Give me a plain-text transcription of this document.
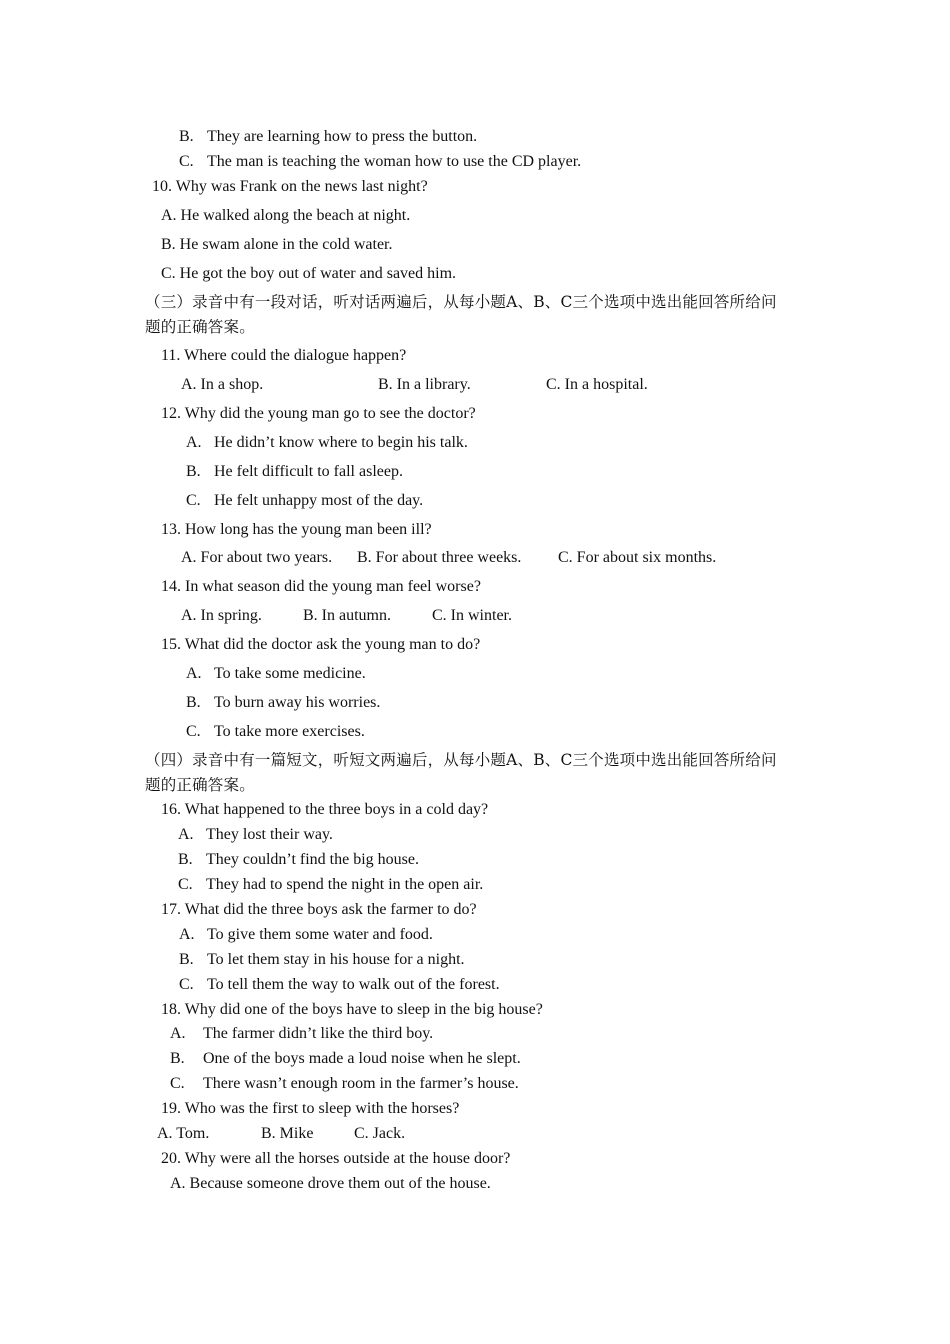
B. They are learning how to press the button.
C. The man is teaching the woman how to use the CD player.
10. Why was Frank on the news last night?
A. He walked along the beach at night.
B. He swam alone in the cold water.
C. He got the boy out of water and saved him.
（三）录音中有一段对话，听对话两遍后，从每小题A、B、C三个选项中选出能回答所给问
题的正确答案。
11. Where could the dialogue happen?
A. In a shop.	B. In a library.	C. In a hospital.
12. Why did the young man go to see the doctor?
A. He didn’t know where to begin his talk.
B. He felt difficult to fall asleep.
C. He felt unhappy most of the day.
13. How long has the young man been ill?
A. For about two years. B. For about three weeks. C. For about six months.
14. In what season did the young man feel worse?
A. In spring.	B. In autumn.	C. In winter.
15. What did the doctor ask the young man to do?
A. To take some medicine.
B. To burn away his worries.
C. To take more exercises.
（四）录音中有一篇短文，听短文两遍后，从每小题A、B、C三个选项中选出能回答所给问
题的正确答案。
16. What happened to the three boys in a cold day?
A. They lost their way.
B. They couldn’t find the big house.
C. They had to spend the night in the open air.
17. What did the three boys ask the farmer to do?
A. To give them some water and food.
B. To let them stay in his house for a night.
C. To tell them the way to walk out of the forest.
18. Why did one of the boys have to sleep in the big house?
A. The farmer didn’t like the third boy.
B. One of the boys made a loud noise when he slept.
C. There wasn’t enough room in the farmer’s house.
19. Who was the first to sleep with the horses?
A. Tom.	B. Mike	C. Jack.
20. Why were all the horses outside at the house door?
A. Because someone drove them out of the house.
